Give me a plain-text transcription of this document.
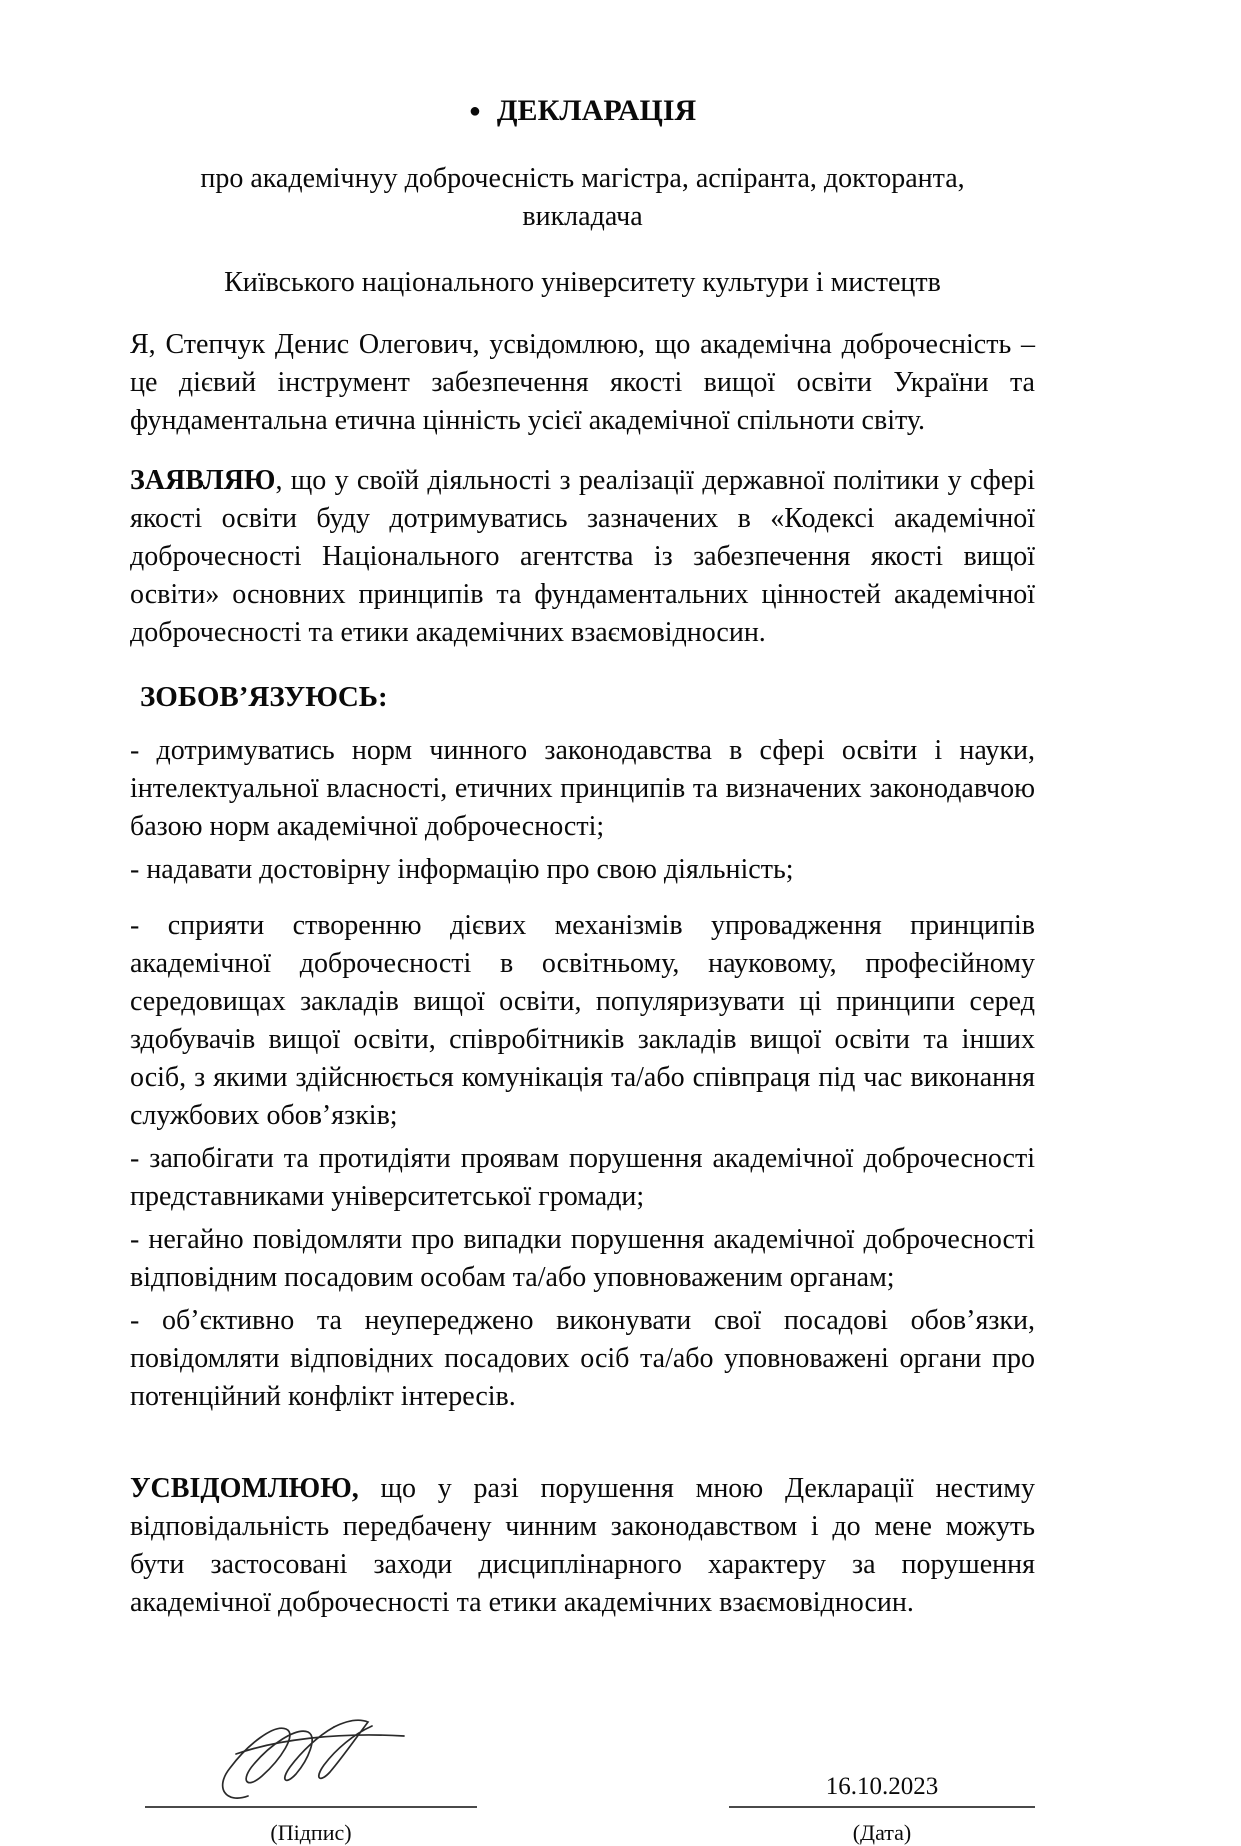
● ДЕКЛАРАЦІЯ

про академічнуу доброчесність магістра, аспіранта, докторанта, викладача

Київського національного університету культури і мистецтв

Я, Степчук Денис Олегович, усвідомлюю, що академічна доброчесність – це дієвий інструмент забезпечення якості вищої освіти України та фундаментальна етична цінність усієї академічної спільноти світу.

ЗАЯВЛЯЮ, що у своїй діяльності з реалізації державної політики у сфері якості освіти буду дотримуватись зазначених в «Кодексі академічної доброчесності Національного агентства із забезпечення якості вищої освіти» основних принципів та фундаментальних цінностей академічної доброчесності та етики академічних взаємовідносин.

ЗОБОВ’ЯЗУЮСЬ:

- дотримуватись норм чинного законодавства в сфері освіти і науки, інтелектуальної власності, етичних принципів та визначених законодавчою базою норм академічної доброчесності;

- надавати достовірну інформацію про свою діяльність;

- сприяти створенню дієвих механізмів упровадження принципів академічної доброчесності в освітньому, науковому, професійному середовищах закладів вищої освіти, популяризувати ці принципи серед здобувачів вищої освіти, співробітників закладів вищої освіти та інших осіб, з якими здійснюється комунікація та/або співпраця під час виконання службових обов’язків;

- запобігати та протидіяти проявам порушення академічної доброчесності представниками університетської громади;

- негайно повідомляти про випадки порушення академічної доброчесності відповідним посадовим особам та/або уповноваженим органам;

- об’єктивно та неупереджено виконувати свої посадові обов’язки, повідомляти відповідних посадових осіб та/або уповноважені органи про потенційний конфлікт інтересів.

УСВІДОМЛЮЮ, що у разі порушення мною Декларації нестиму відповідальність передбачену чинним законодавством і до мене можуть бути застосовані заходи дисциплінарного характеру за порушення академічної доброчесності та етики академічних взаємовідносин.

(Підпис)
16.10.2023
(Дата)
